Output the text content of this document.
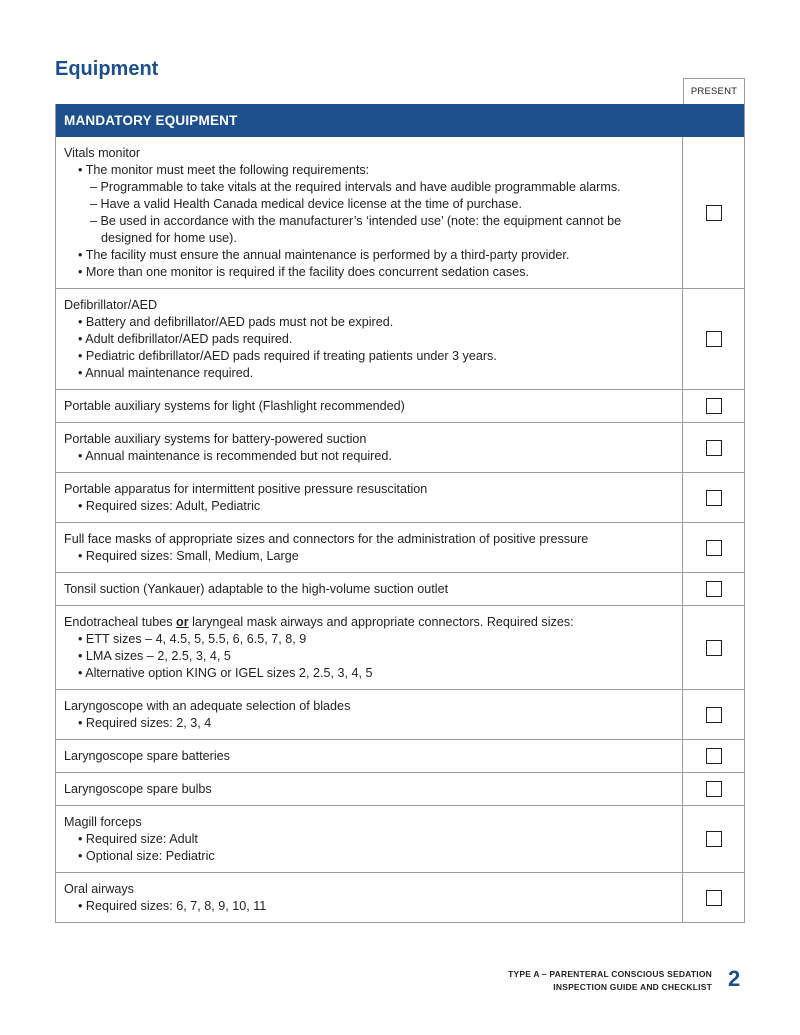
Equipment
PRESENT
MANDATORY EQUIPMENT
Vitals monitor
• The monitor must meet the following requirements:
– Programmable to take vitals at the required intervals and have audible programmable alarms.
– Have a valid Health Canada medical device license at the time of purchase.
– Be used in accordance with the manufacturer’s ‘intended use’ (note: the equipment cannot be designed for home use).
• The facility must ensure the annual maintenance is performed by a third-party provider.
• More than one monitor is required if the facility does concurrent sedation cases.
Defibrillator/AED
• Battery and defibrillator/AED pads must not be expired.
• Adult defibrillator/AED pads required.
• Pediatric defibrillator/AED pads required if treating patients under 3 years.
• Annual maintenance required.
Portable auxiliary systems for light (Flashlight recommended)
Portable auxiliary systems for battery-powered suction
• Annual maintenance is recommended but not required.
Portable apparatus for intermittent positive pressure resuscitation
• Required sizes: Adult, Pediatric
Full face masks of appropriate sizes and connectors for the administration of positive pressure
• Required sizes: Small, Medium, Large
Tonsil suction (Yankauer) adaptable to the high-volume suction outlet
Endotracheal tubes or laryngeal mask airways and appropriate connectors. Required sizes:
• ETT sizes – 4, 4.5, 5, 5.5, 6, 6.5, 7, 8, 9
• LMA sizes – 2, 2.5, 3, 4, 5
• Alternative option KING or IGEL sizes 2, 2.5, 3, 4, 5
Laryngoscope with an adequate selection of blades
• Required sizes: 2, 3, 4
Laryngoscope spare batteries
Laryngoscope spare bulbs
Magill forceps
• Required size: Adult
• Optional size: Pediatric
Oral airways
• Required sizes: 6, 7, 8, 9, 10, 11
TYPE A – PARENTERAL CONSCIOUS SEDATION
INSPECTION GUIDE AND CHECKLIST 2
